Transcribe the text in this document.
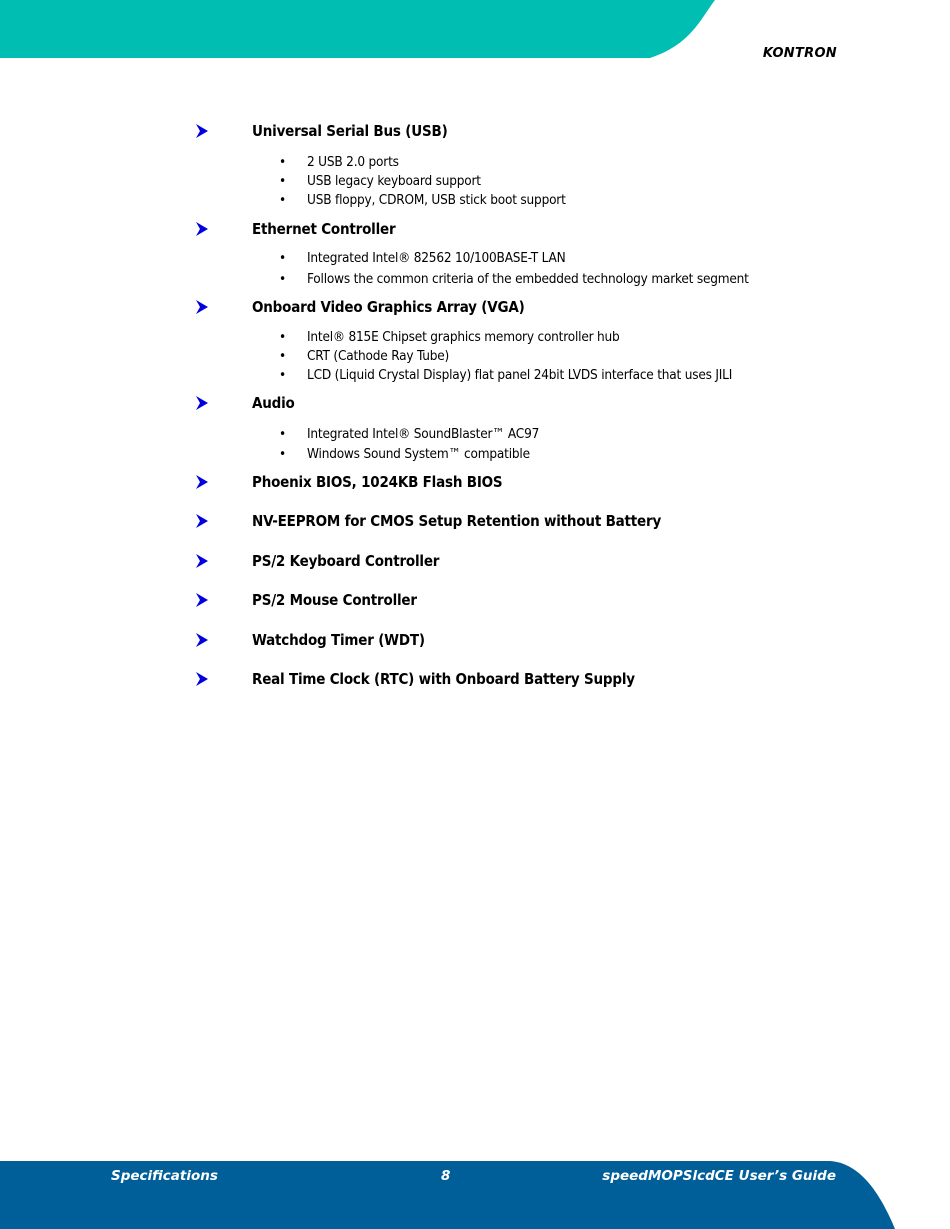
KONTRON
Universal Serial Bus (USB)
• 2 USB 2.0 ports
• USB legacy keyboard support
• USB floppy, CDROM, USB stick boot support
Ethernet Controller
• Integrated Intel® 82562 10/100BASE-T LAN
• Follows the common criteria of the embedded technology market segment
Onboard Video Graphics Array (VGA)
• Intel® 815E Chipset graphics memory controller hub
• CRT (Cathode Ray Tube)
• LCD (Liquid Crystal Display) flat panel 24bit LVDS interface that uses JILI
Audio
• Integrated Intel® SoundBlaster™ AC97
• Windows Sound System™ compatible
Phoenix BIOS, 1024KB Flash BIOS
NV-EEPROM for CMOS Setup Retention without Battery
PS/2 Keyboard Controller
PS/2 Mouse Controller
Watchdog Timer (WDT)
Real Time Clock (RTC) with Onboard Battery Supply
Specifications	8	speedMOPSlcdCE User’s Guide
